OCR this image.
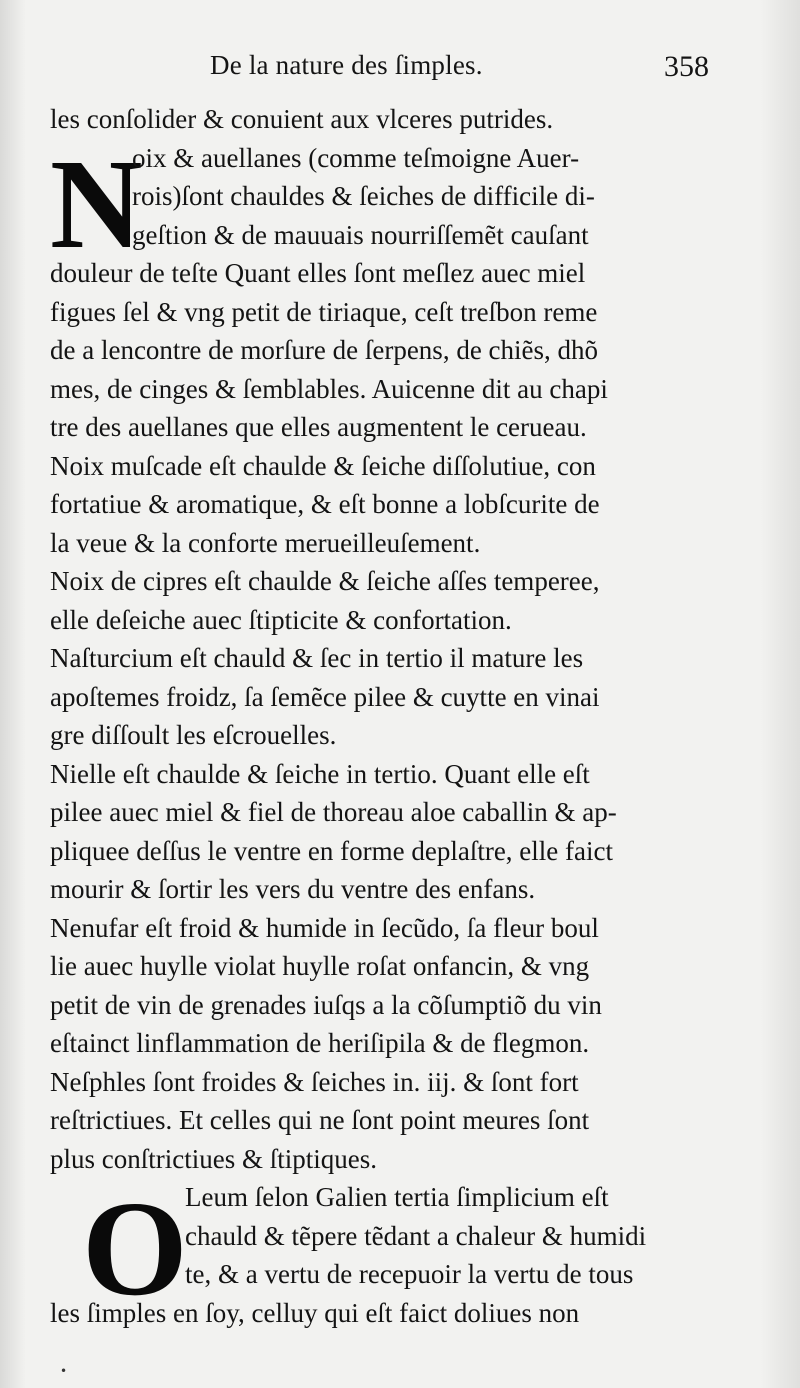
De la nature des ſimples.	358
N
O
les conſolider & conuient aux vlceres putrides.
oix & auellanes (comme teſmoigne Auer-
rois)ſont chauldes & ſeiches de difficile di-
geſtion & de mauuais nourriſſemẽt cauſant
douleur de teſte Quant elles ſont meſlez auec miel
figues ſel & vng petit de tiriaque, ceſt treſbon reme
de a lencontre de morſure de ſerpens, de chiẽs, dhõ
mes, de cinges & ſemblables. Auicenne dit au chapi
tre des auellanes que elles augmentent le cerueau.
Noix muſcade eſt chaulde & ſeiche diſſolutiue, con
fortatiue & aromatique, & eſt bonne a lobſcurite de
la veue & la conforte merueilleuſement.
Noix de cipres eſt chaulde & ſeiche aſſes temperee,
elle deſeiche auec ſtipticite & confortation.
Naſturcium eſt chauld & ſec in tertio il mature les
apoſtemes froidz, ſa ſemẽce pilee & cuytte en vinai
gre diſſoult les eſcrouelles.
Nielle eſt chaulde & ſeiche in tertio. Quant elle eſt
pilee auec miel & fiel de thoreau aloe caballin & ap-
pliquee deſſus le ventre en forme deplaſtre, elle faict
mourir & ſortir les vers du ventre des enfans.
Nenufar eſt froid & humide in ſecũdo, ſa fleur boul
lie auec huylle violat huylle roſat onfancin, & vng
petit de vin de grenades iuſqs a la cõſumptiõ du vin
eſtainct linflammation de heriſipila & de flegmon.
Neſphles ſont froides & ſeiches in. iij. & ſont fort
reſtrictiues. Et celles qui ne ſont point meures ſont
plus conſtrictiues & ſtiptiques.
Leum ſelon Galien tertia ſimplicium eſt
chauld & tẽpere tẽdant a chaleur & humidi
te, & a vertu de recepuoir la vertu de tous
les ſimples en ſoy, celluy qui eſt faict doliues non
•
